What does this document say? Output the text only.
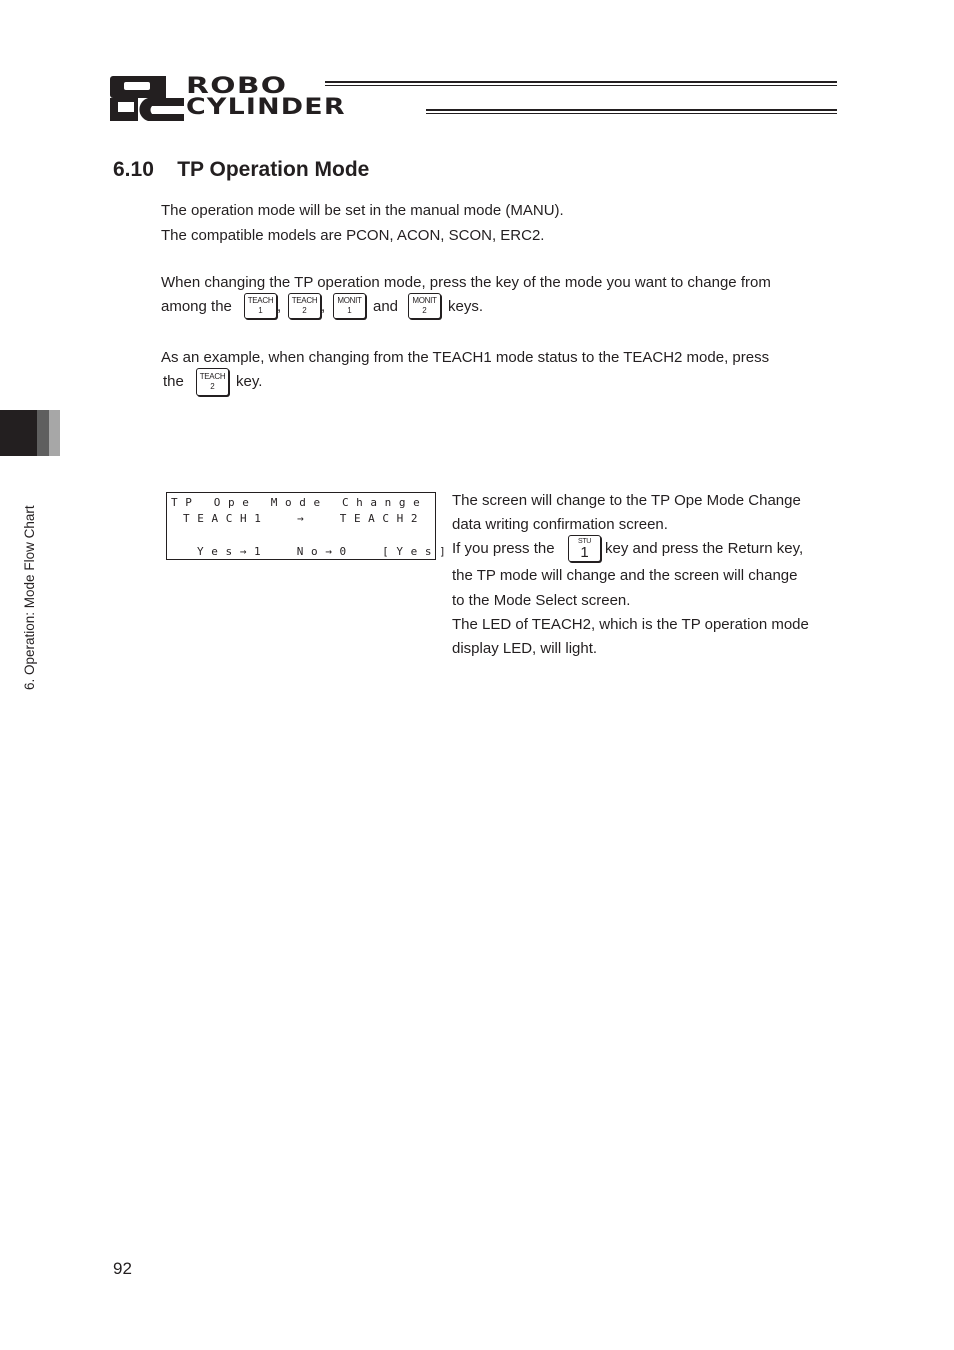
ROBO
CYLINDER
6.10    TP Operation Mode
The operation mode will be set in the manual mode (MANU).
The compatible models are PCON, ACON, SCON, ERC2.
When changing the TP operation mode, press the key of the mode you want to change from
among the TEACH
1 , TEACH
2 , MONIT
1 and MONIT
2 keys.
As an example, when changing from the TEACH1 mode status to the TEACH2 mode, press
the TEACH
2 key.
T P   O p e   M o d e   C h a n g e
T E A C H 1     →     T E A C H 2
Y e s → 1     N o → 0     [ Y e s ]
The screen will change to the TP Ope Mode Change
data writing confirmation screen.
If you press the	STU
1 key and press the Return key,
the TP mode will change and the screen will change
to the Mode Select screen.
The LED of TEACH2, which is the TP operation mode
display LED, will light.
6. Operation: Mode Flow Chart
92
